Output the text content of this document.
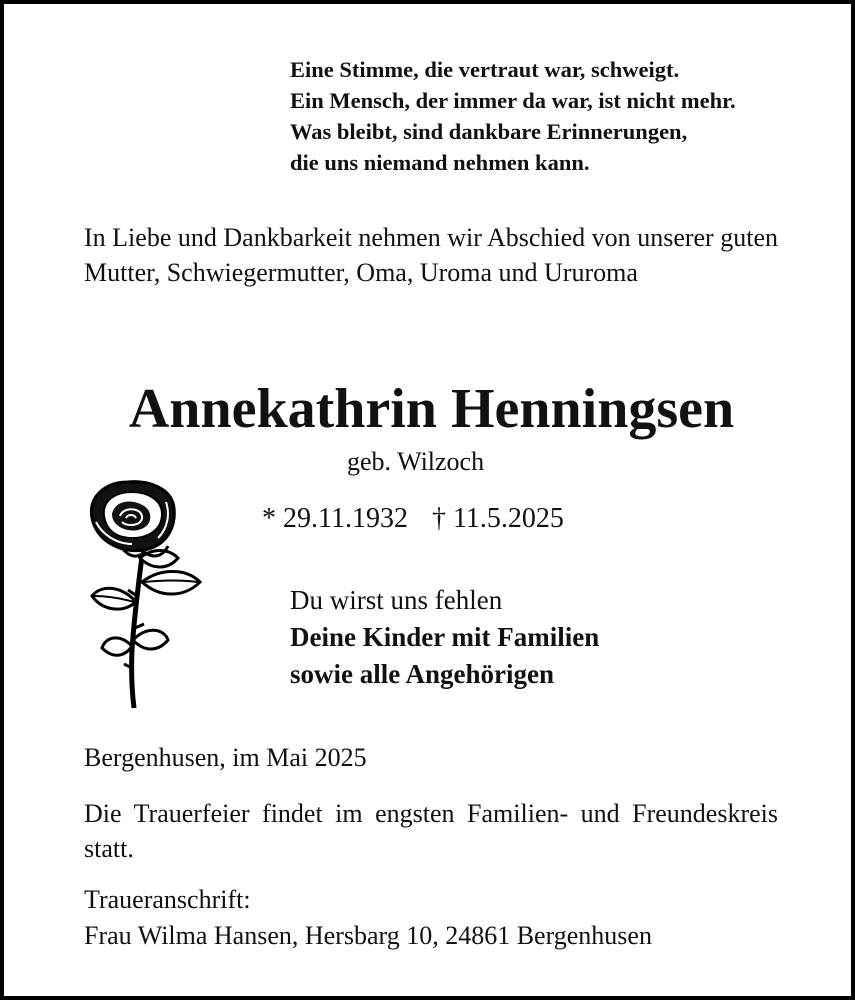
Eine Stimme, die vertraut war, schweigt.
Ein Mensch, der immer da war, ist nicht mehr.
Was bleibt, sind dankbare Erinnerungen,
die uns niemand nehmen kann.
In Liebe und Dankbarkeit nehmen wir Abschied von unserer guten Mutter, Schwiegermutter, Oma, Uroma und Ururoma
Annekathrin Henningsen
geb. Wilzoch
* 29.11.1932 † 11.5.2025
Du wirst uns fehlen
Deine Kinder mit Familien
sowie alle Angehörigen
Bergenhusen, im Mai 2025
Die Trauerfeier findet im engsten Familien- und Freundeskreis statt.
Traueranschrift:
Frau Wilma Hansen, Hersbarg 10, 24861 Bergenhusen
